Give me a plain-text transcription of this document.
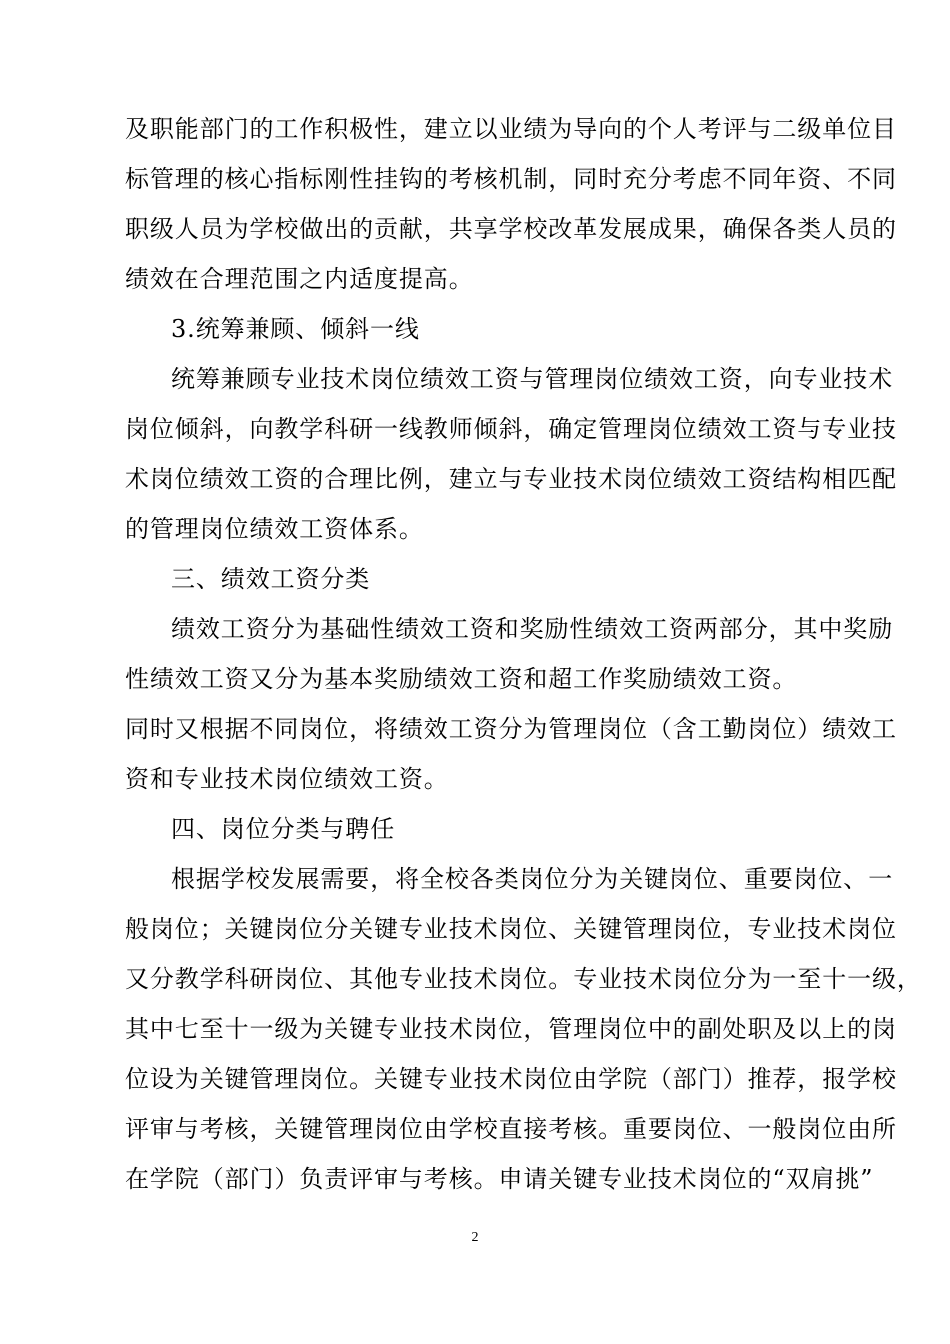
及职能部门的工作积极性，建立以业绩为导向的个人考评与二级单位目
标管理的核心指标刚性挂钩的考核机制，同时充分考虑不同年资、不同
职级人员为学校做出的贡献，共享学校改革发展成果，确保各类人员的
绩效在合理范围之内适度提高。
3.统筹兼顾、倾斜一线
统筹兼顾专业技术岗位绩效工资与管理岗位绩效工资，向专业技术
岗位倾斜，向教学科研一线教师倾斜，确定管理岗位绩效工资与专业技
术岗位绩效工资的合理比例，建立与专业技术岗位绩效工资结构相匹配
的管理岗位绩效工资体系。
三、绩效工资分类
绩效工资分为基础性绩效工资和奖励性绩效工资两部分，其中奖励
性绩效工资又分为基本奖励绩效工资和超工作奖励绩效工资。
同时又根据不同岗位，将绩效工资分为管理岗位（含工勤岗位）绩效工
资和专业技术岗位绩效工资。
四、岗位分类与聘任
根据学校发展需要，将全校各类岗位分为关键岗位、重要岗位、一
般岗位；关键岗位分关键专业技术岗位、关键管理岗位，专业技术岗位
又分教学科研岗位、其他专业技术岗位。专业技术岗位分为一至十一级，
其中七至十一级为关键专业技术岗位，管理岗位中的副处职及以上的岗
位设为关键管理岗位。关键专业技术岗位由学院（部门）推荐，报学校
评审与考核，关键管理岗位由学校直接考核。重要岗位、一般岗位由所
在学院（部门）负责评审与考核。申请关键专业技术岗位的“双肩挑”
2
